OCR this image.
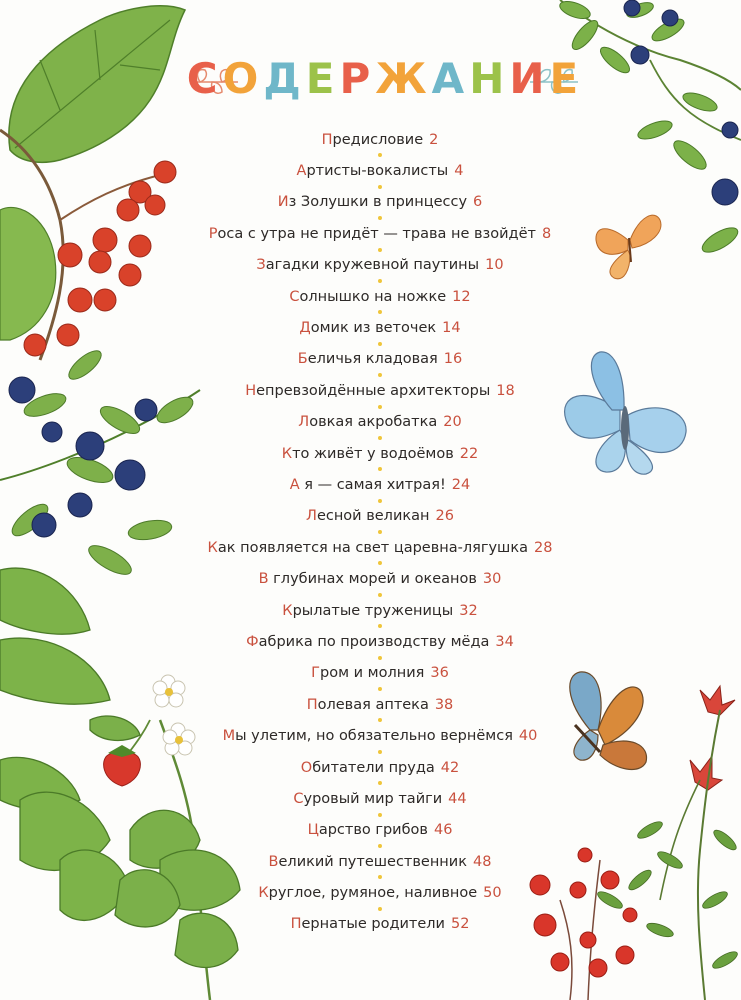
С О Д Е Р Ж А Н И Е
Предисловие 2
Артисты-вокалисты 4
Из Золушки в принцессу 6
Роса с утра не придёт — трава не взойдёт 8
Загадки кружевной паутины 10
Солнышко на ножке 12
Домик из веточек 14
Беличья кладовая 16
Непревзойдённые архитекторы 18
Ловкая акробатка 20
Кто живёт у водоёмов 22
А я — самая хитрая! 24
Лесной великан 26
Как появляется на свет царевна-лягушка 28
В глубинах морей и океанов 30
Крылатые труженицы 32
Фабрика по производству мёда 34
Гром и молния 36
Полевая аптека 38
Мы улетим, но обязательно вернёмся 40
Обитатели пруда 42
Суровый мир тайги 44
Царство грибов 46
Великий путешественник 48
Круглое, румяное, наливное 50
Пернатые родители 52
